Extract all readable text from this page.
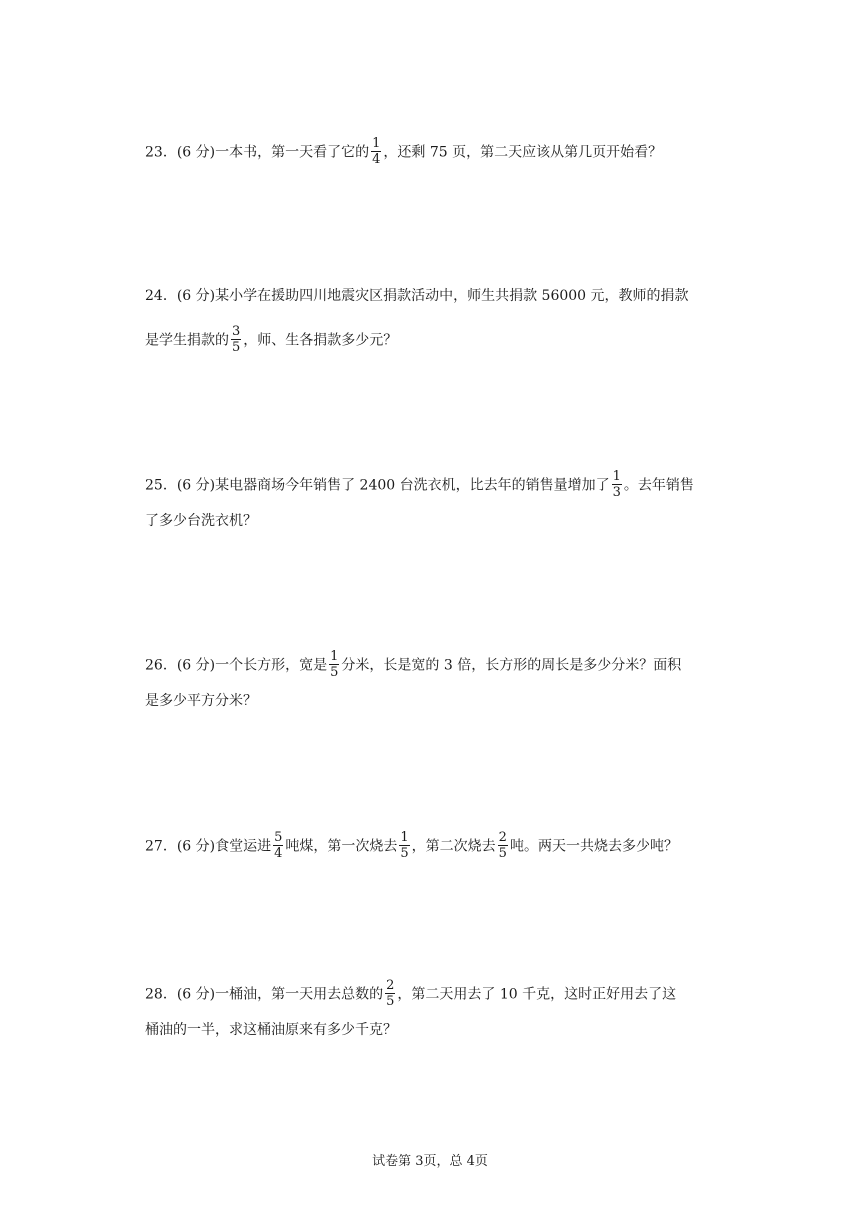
23．(6 分)一本书，第一天看了它的 $\frac{1}{4}$ ，还剩 75 页，第二天应该从第几页开始看？
24．(6 分)某小学在援助四川地震灾区捐款活动中，师生共捐款 56000 元，教师的捐款
是学生捐款的 $\frac{3}{5}$ ，师、生各捐款多少元？
25．(6 分)某电器商场今年销售了 2400 台洗衣机，比去年的销售量增加了 $\frac{1}{3}$ 。去年销售
了多少台洗衣机？
26．(6 分)一个长方形，宽是 $\frac{1}{5}$ 分米，长是宽的 3 倍，长方形的周长是多少分米？面积
是多少平方分米？
27．(6 分)食堂运进 $\frac{5}{4}$ 吨煤，第一次烧去 $\frac{1}{5}$ ，第二次烧去 $\frac{2}{5}$ 吨。两天一共烧去多少吨？
28．(6 分)一桶油，第一天用去总数的 $\frac{2}{5}$ ，第二天用去了 10 千克，这时正好用去了这
桶油的一半，求这桶油原来有多少千克？
试卷第 3页，总 4页
